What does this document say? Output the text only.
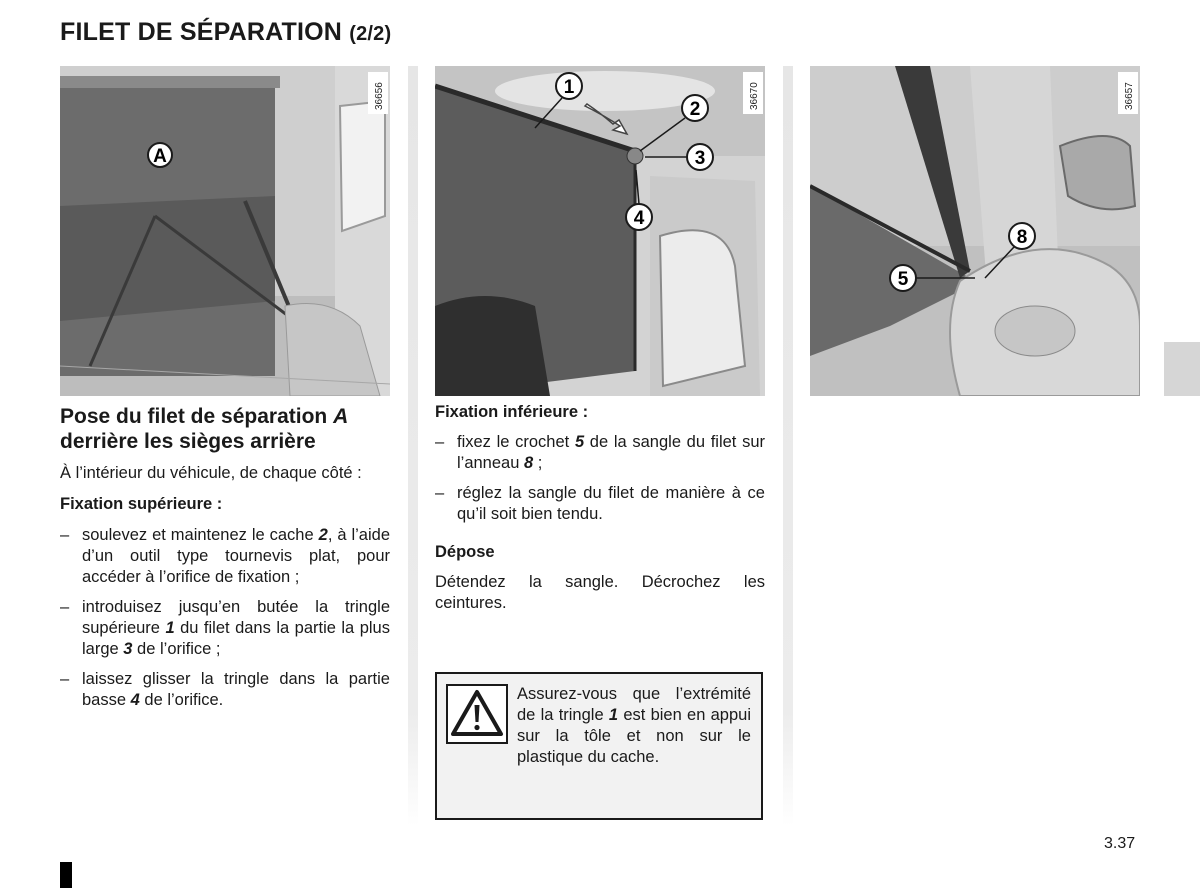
FILET DE SÉPARATION (2/2)
A
36656	1
2
3
4
36670
8
5
36657
Pose du filet de séparation A
derrière les sièges arrière
À l’intérieur du véhicule, de chaque côté :
Fixation supérieure :
– soulevez et maintenez le cache 2, à l’aide d’un outil type tournevis plat, pour accéder à l’orifice de fixation ;
– introduisez jusqu’en butée la tringle supérieure 1 du filet dans la partie la plus large 3 de l’orifice ;
– laissez glisser la tringle dans la partie basse 4 de l’orifice.
Fixation inférieure :
– fixez le crochet 5 de la sangle du filet sur l’anneau 8 ;
– réglez la sangle du filet de manière à ce qu’il soit bien tendu.
Dépose
Détendez la sangle. Décrochez les ceintures.
Assurez-vous que l’extrémité de la tringle 1 est bien en appui sur la tôle et non sur le plastique du cache.
3.37
